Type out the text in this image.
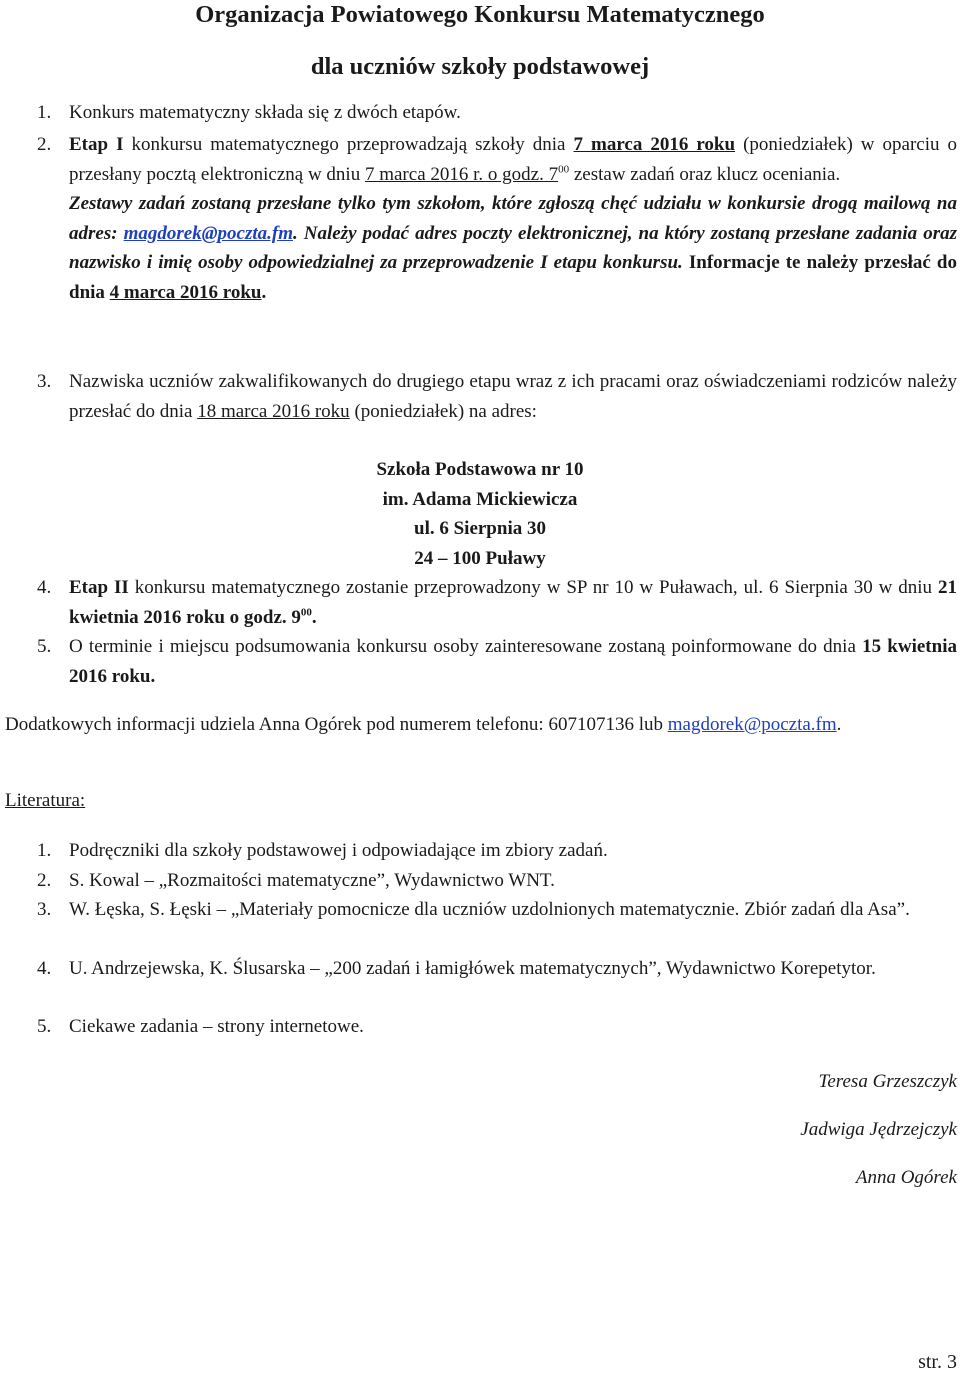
Organizacja Powiatowego Konkursu Matematycznego
dla uczniów szkoły podstawowej
1. Konkurs matematyczny składa się z dwóch etapów.
2. Etap I konkursu matematycznego przeprowadzają szkoły dnia 7 marca 2016 roku (poniedziałek) w oparciu o przesłany pocztą elektroniczną w dniu 7 marca 2016 r. o godz. $7^{00}$ zestaw zadań oraz klucz oceniania.

Zestawy zadań zostaną przesłane tylko tym szkołom, które zgłoszą chęć udziału w konkursie drogą mailową na adres: magdorek@poczta.fm. Należy podać adres poczty elektronicznej, na który zostaną przesłane zadania oraz nazwisko i imię osoby odpowiedzialnej za przeprowadzenie I etapu konkursu. Informacje te należy przesłać do dnia 4 marca 2016 roku.

3. Nazwiska uczniów zakwalifikowanych do drugiego etapu wraz z ich pracami oraz oświadczeniami rodziców należy przesłać do dnia 18 marca 2016 roku (poniedziałek) na adres:

Szkoła Podstawowa nr 10
im. Adama Mickiewicza
ul. 6 Sierpnia 30
24 – 100 Puławy
4. Etap II konkursu matematycznego zostanie przeprowadzony w SP nr 10 w Puławach, ul. 6 Sierpnia 30 w dniu 21 kwietnia 2016 roku o godz. $9^{00}$.

5. O terminie i miejscu podsumowania konkursu osoby zainteresowane zostaną poinformowane do dnia 15 kwietnia 2016 roku.

Dodatkowych informacji udziela Anna Ogórek pod numerem telefonu: 607107136 lub magdorek@poczta.fm.
Literatura:
1. Podręczniki dla szkoły podstawowej i odpowiadające im zbiory zadań.
2. S. Kowal – „Rozmaitości matematyczne”, Wydawnictwo WNT.
3. W. Łęska, S. Łęski – „Materiały pomocnicze dla uczniów uzdolnionych matematycznie. Zbiór zadań dla Asa”.
4. U. Andrzejewska, K. Ślusarska – „200 zadań i łamigłówek matematycznych”, Wydawnictwo Korepetytor.
5. Ciekawe zadania – strony internetowe.
Teresa Grzeszczyk
Jadwiga Jędrzejczyk
Anna Ogórek
str. 3
